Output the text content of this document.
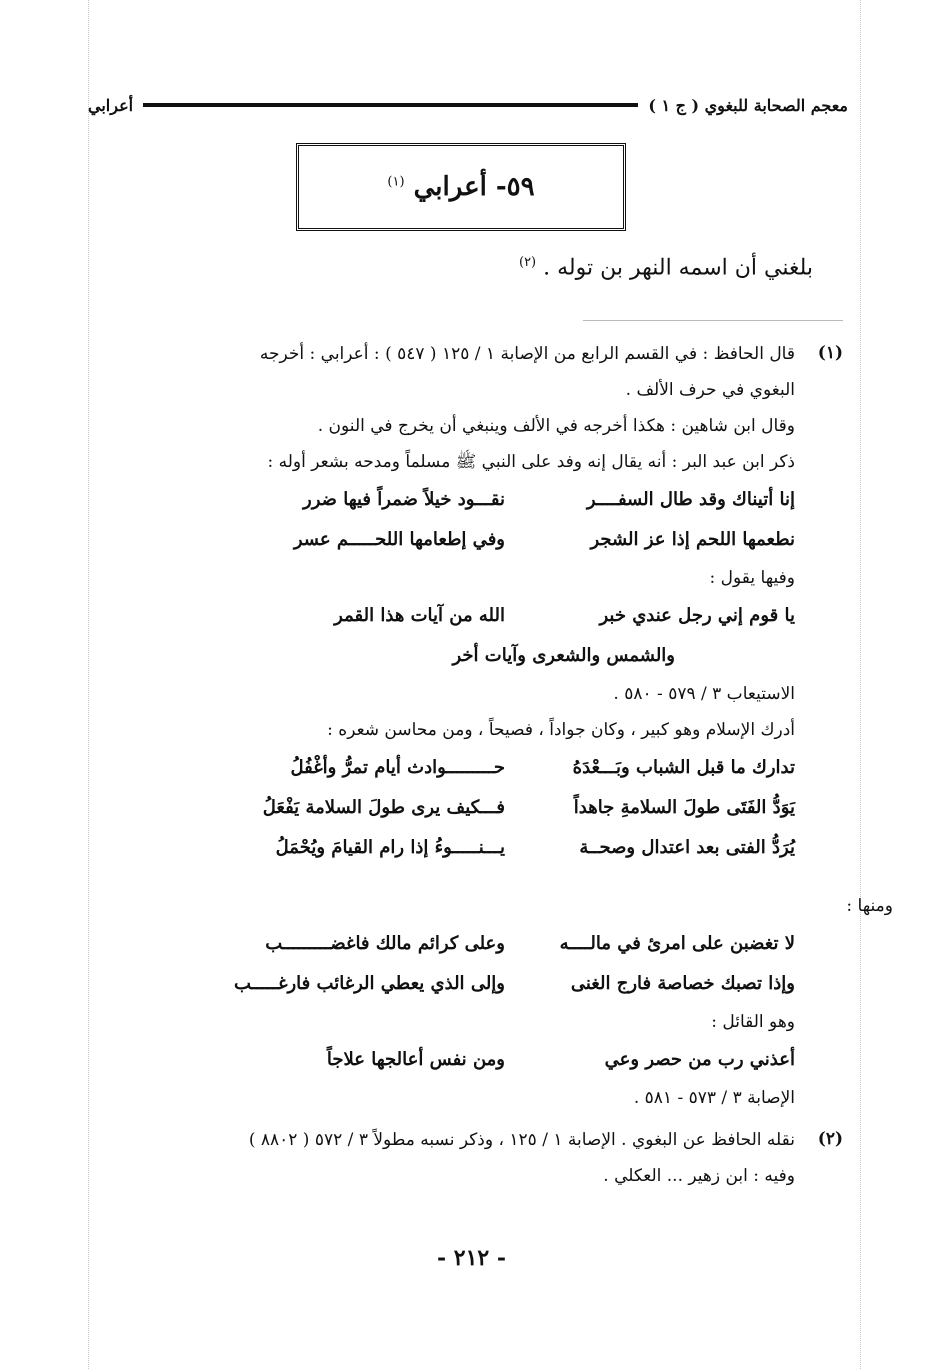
معجم الصحابة للبغوي ( ج ١ )
أعرابي
٥٩- أعرابي $^{(١)}$
بلغني أن اسمه النهر بن توله . $^{(٢)}$
(١)
قال الحافظ : في القسم الرابع من الإصابة ١ / ١٢٥ ( ٥٤٧ ) : أعرابي : أخرجه
البغوي في حرف الألف .
وقال ابن شاهين : هكذا أخرجه في الألف وينبغي أن يخرج في النون .
ذكر ابن عبد البر : أنه يقال إنه وفد على النبي ﷺ مسلماً ومدحه بشعر أوله :
إنا أتيناك وقد طال السفــــر
نقـــود خيلاً ضمراً فيها ضرر
نطعمها اللحم إذا عز الشجر
وفي إطعامها اللحـــــم عسر
وفيها يقول :
يا قوم إني رجل عندي خبر
الله من آيات هذا القمر
والشمس والشعرى وآيات أخر
الاستيعاب ٣ / ٥٧٩ - ٥٨٠ .
أدرك الإسلام وهو كبير ، وكان جواداً ، فصيحاً ، ومن محاسن شعره :
تدارك ما قبل الشباب وبَـــعْدَهُ
حـــــــــوادث أيام تمرُّ وأغْفُلُ
يَوَدُّ الفَتَى طولَ السلامةِ جاهداً
فـــكيف يرى طولَ السلامة يَفْعَلُ
يُرَدُّ الفتى بعد اعتدال وصحــة
يـــنـــــوءُ إذا رام القيامَ ويُحْمَلُ
ومنها :
لا تغضبن على امرئ في مالــــه
وعلى كرائم مالك فاغضـــــــــب
وإذا تصبك خصاصة فارج الغنى
وإلى الذي يعطي الرغائب فارغـــــب
وهو القائل :
أعذني رب من حصر وعي
ومن نفس أعالجها علاجاً
الإصابة ٣ / ٥٧٣ - ٥٨١ .
(٢)
نقله الحافظ عن البغوي . الإصابة ١ / ١٢٥ ، وذكر نسبه مطولاً ٣ / ٥٧٢ ( ٨٨٠٢ )
وفيه : ابن زهير ... العكلي .
- ٢١٢ -
